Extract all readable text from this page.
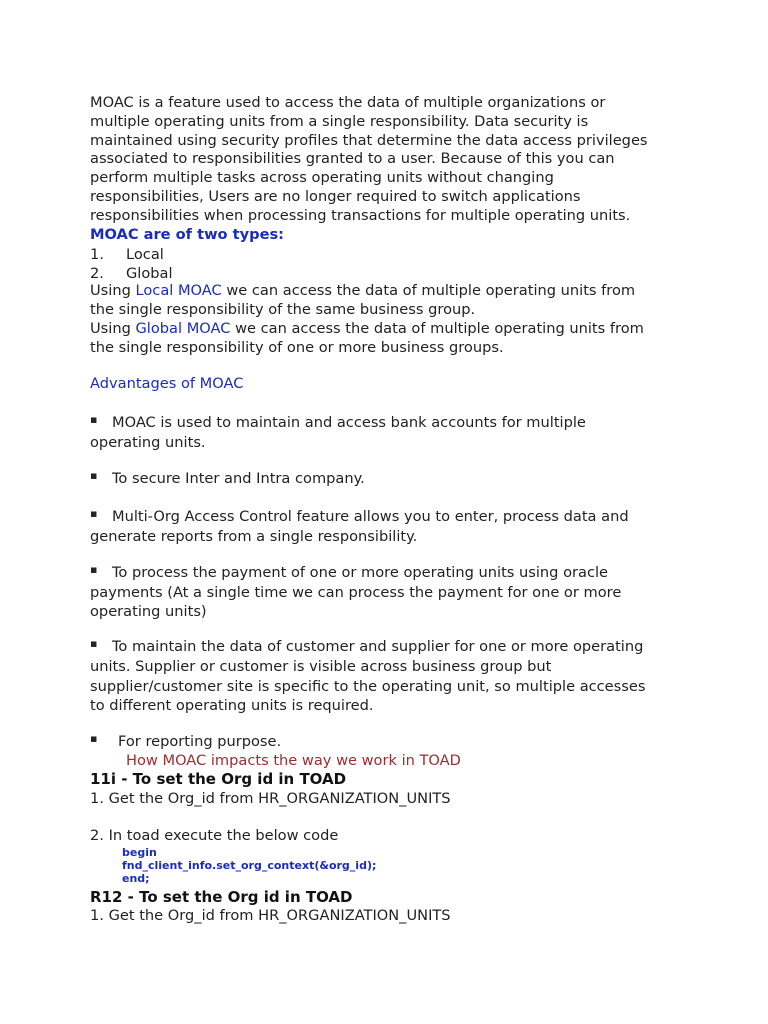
MOAC is a feature used to access the data of multiple organizations or
multiple operating units from a single responsibility. Data security is
maintained using security profiles that determine the data access privileges
associated to responsibilities granted to a user. Because of this you can
perform multiple tasks across operating units without changing
responsibilities, Users are no longer required to switch applications
responsibilities when processing transactions for multiple operating units.
MOAC are of two types:
1. Local
2. Global
Using Local MOAC we can access the data of multiple operating units from
the single responsibility of the same business group.
Using Global MOAC we can access the data of multiple operating units from
the single responsibility of one or more business groups.
Advantages of MOAC
▪ MOAC is used to maintain and access bank accounts for multiple
operating units.
▪ To secure Inter and Intra company.
▪ Multi-Org Access Control feature allows you to enter, process data and
generate reports from a single responsibility.
▪ To process the payment of one or more operating units using oracle
payments (At a single time we can process the payment for one or more
operating units)
▪ To maintain the data of customer and supplier for one or more operating
units. Supplier or customer is visible across business group but
supplier/customer site is specific to the operating unit, so multiple accesses
to different operating units is required.
▪ For reporting purpose.
How MOAC impacts the way we work in TOAD
11i - To set the Org id in TOAD
1. Get the Org_id from HR_ORGANIZATION_UNITS
2. In toad execute the below code
begin
fnd_client_info.set_org_context(&org_id);
end;
R12 - To set the Org id in TOAD
1. Get the Org_id from HR_ORGANIZATION_UNITS
